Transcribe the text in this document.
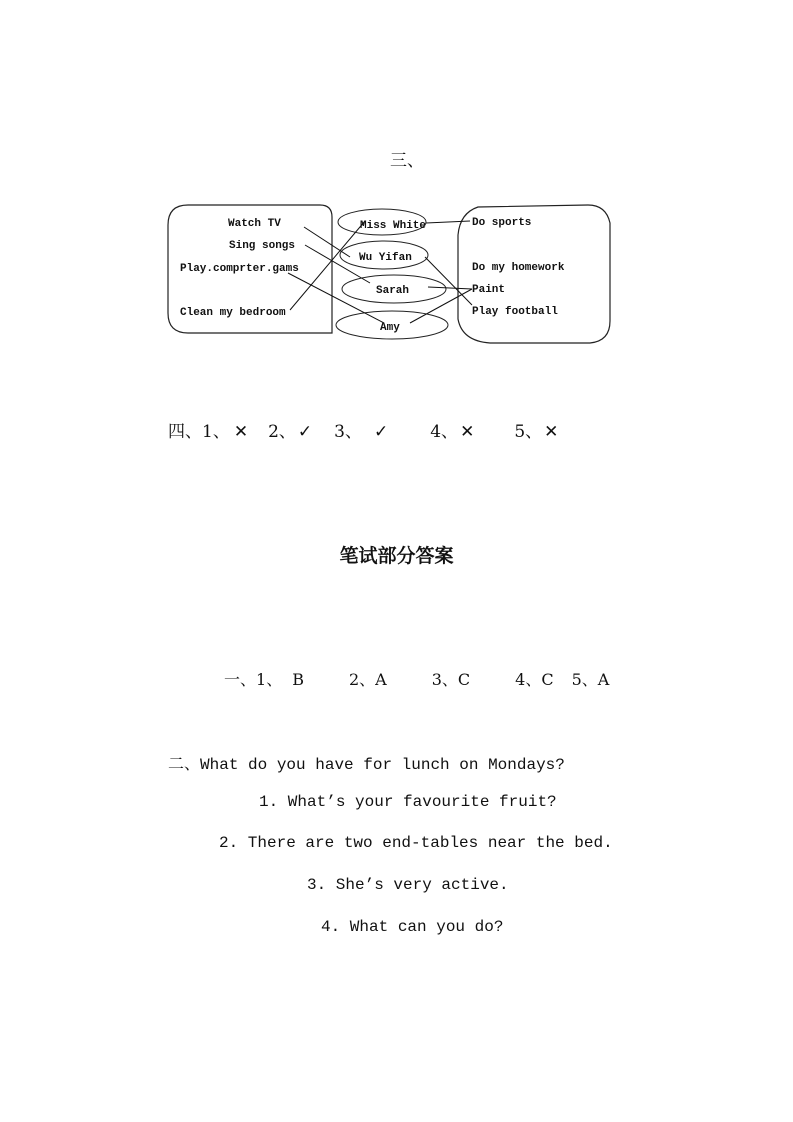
三、
Watch TV
Sing songs
Play.comprter.gams
Clean my bedroom
Miss White
Wu Yifan
Sarah
Amy
Do sports
Do my homework
Paint
Play football
四、1、 ✕ 2、 ✓ 3、 ✓ 4、 ✕ 5、 ✕
笔试部分答案
一、1、 B	2、A	3、C	4、C 5、A
二、What do you have for lunch on Mondays?
1. What’s your favourite fruit?
2. There are two end-tables near the bed.
3. She’s very active.
4. What can you do?
